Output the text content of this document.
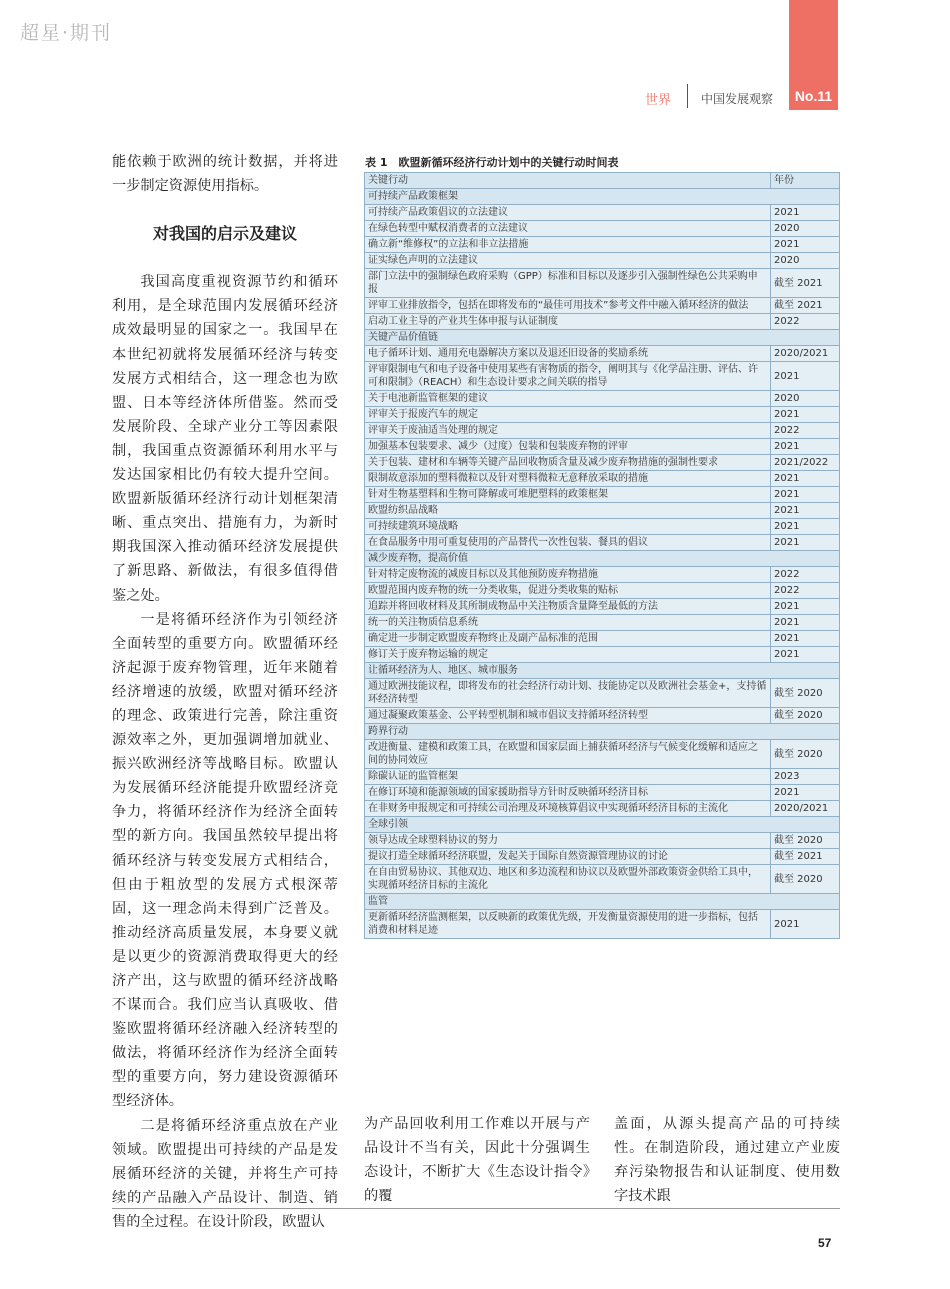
超星·期刊
No.11
世界 中国发展观察

能依赖于欧洲的统计数据，并将进一步制定资源使用指标。

对我国的启示及建议

我国高度重视资源节约和循环利用，是全球范围内发展循环经济成效最明显的国家之一。我国早在本世纪初就将发展循环经济与转变发展方式相结合，这一理念也为欧盟、日本等经济体所借鉴。然而受发展阶段、全球产业分工等因素限制，我国重点资源循环利用水平与发达国家相比仍有较大提升空间。欧盟新版循环经济行动计划框架清晰、重点突出、措施有力，为新时期我国深入推动循环经济发展提供了新思路、新做法，有很多值得借鉴之处。

一是将循环经济作为引领经济全面转型的重要方向。欧盟循环经济起源于废弃物管理，近年来随着经济增速的放缓，欧盟对循环经济的理念、政策进行完善，除注重资源效率之外，更加强调增加就业、振兴欧洲经济等战略目标。欧盟认为发展循环经济能提升欧盟经济竞争力，将循环经济作为经济全面转型的新方向。我国虽然较早提出将循环经济与转变发展方式相结合，但由于粗放型的发展方式根深蒂固，这一理念尚未得到广泛普及。推动经济高质量发展，本身要义就是以更少的资源消费取得更大的经济产出，这与欧盟的循环经济战略不谋而合。我们应当认真吸收、借鉴欧盟将循环经济融入经济转型的做法，将循环经济作为经济全面转型的重要方向，努力建设资源循环型经济体。

二是将循环经济重点放在产业领域。欧盟提出可持续的产品是发展循环经济的关键，并将生产可持续的产品融入产品设计、制造、销售的全过程。在设计阶段，欧盟认

表 1　欧盟新循环经济行动计划中的关键行动时间表
关键行动	年份
可持续产品政策框架	
可持续产品政策倡议的立法建议	2021
在绿色转型中赋权消费者的立法建议	2020
确立新“维修权”的立法和非立法措施	2021
证实绿色声明的立法建议	2020
部门立法中的强制绿色政府采购（GPP）标准和目标以及逐步引入强制性绿色公共采购申报	截至 2021
评审工业排放指令，包括在即将发布的“最佳可用技术”参考文件中融入循环经济的做法	截至 2021
启动工业主导的产业共生体申报与认证制度	2022
关键产品价值链	
电子循环计划、通用充电器解决方案以及退还旧设备的奖励系统	2020/2021
评审限制电气和电子设备中使用某些有害物质的指令，阐明其与《化学品注册、评估、许可和限制》（REACH）和生态设计要求之间关联的指导	2021
关于电池新监管框架的建议	2020
评审关于报废汽车的规定	2021
评审关于废油适当处理的规定	2022
加强基本包装要求、减少（过度）包装和包装废弃物的评审	2021
关于包装、建材和车辆等关键产品回收物质含量及减少废弃物措施的强制性要求	2021/2022
限制故意添加的塑料微粒以及针对塑料微粒无意释放采取的措施	2021
针对生物基塑料和生物可降解或可堆肥塑料的政策框架	2021
欧盟纺织品战略	2021
可持续建筑环境战略	2021
在食品服务中用可重复使用的产品替代一次性包装、餐具的倡议	2021
减少废弃物，提高价值	
针对特定废物流的减废目标以及其他预防废弃物措施	2022
欧盟范围内废弃物的统一分类收集，促进分类收集的贴标	2022
追踪并将回收材料及其所制成物品中关注物质含量降至最低的方法	2021
统一的关注物质信息系统	2021
确定进一步制定欧盟废弃物终止及副产品标准的范围	2021
修订关于废弃物运输的规定	2021
让循环经济为人、地区、城市服务	
通过欧洲技能议程，即将发布的社会经济行动计划、技能协定以及欧洲社会基金+，支持循环经济转型	截至 2020
通过凝聚政策基金、公平转型机制和城市倡议支持循环经济转型	截至 2020
跨界行动	
改进衡量、建模和政策工具，在欧盟和国家层面上捕获循环经济与气候变化缓解和适应之间的协同效应	截至 2020
除碳认证的监管框架	2023
在修订环境和能源领域的国家援助指导方针时反映循环经济目标	2021
在非财务申报规定和可持续公司治理及环境核算倡议中实现循环经济目标的主流化	2020/2021
全球引领	
领导达成全球塑料协议的努力	截至 2020
提议打造全球循环经济联盟，发起关于国际自然资源管理协议的讨论	截至 2021
在自由贸易协议、其他双边、地区和多边流程和协议以及欧盟外部政策资金供给工具中，实现循环经济目标的主流化	截至 2020
监管	
更新循环经济监测框架，以反映新的政策优先级，开发衡量资源使用的进一步指标，包括消费和材料足迹	2021

为产品回收利用工作难以开展与产品设计不当有关，因此十分强调生态设计，不断扩大《生态设计指令》的覆

盖面，从源头提高产品的可持续性。在制造阶段，通过建立产业废弃污染物报告和认证制度、使用数字技术跟

57
